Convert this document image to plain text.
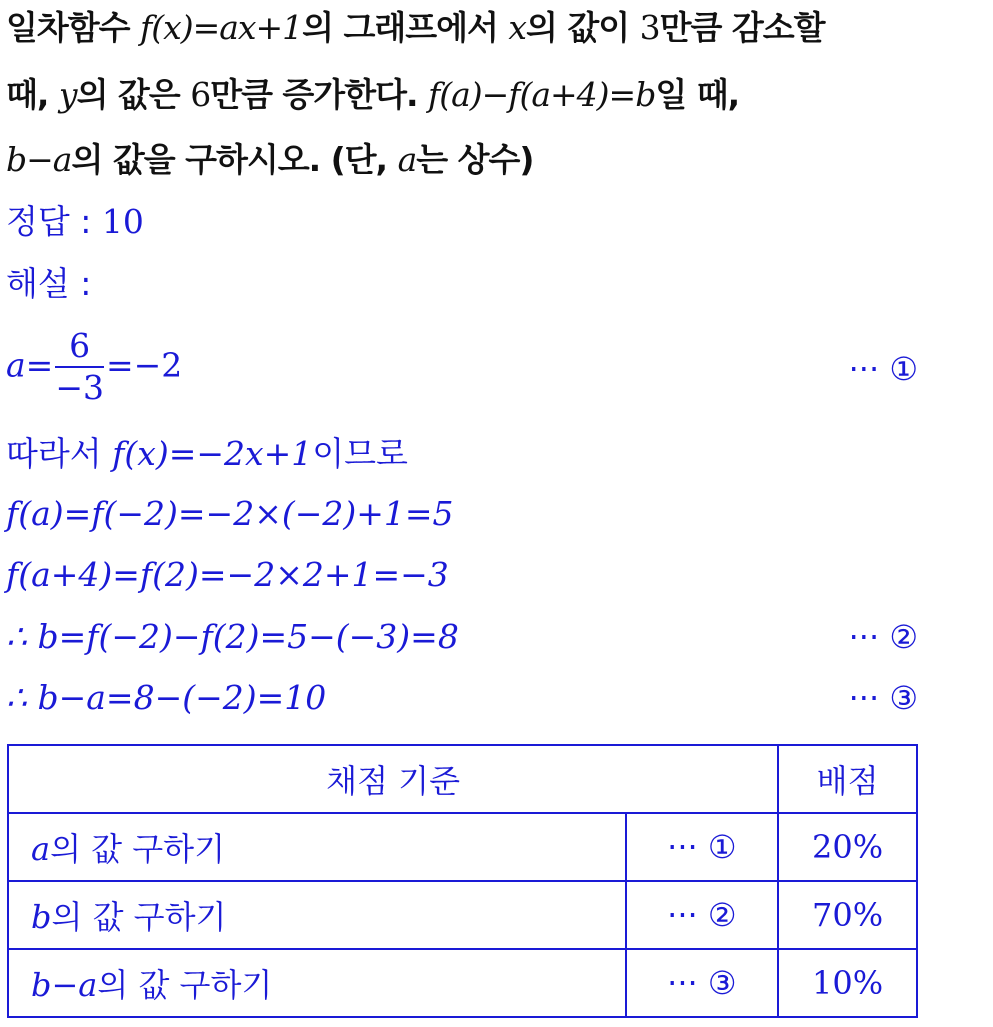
일차함수 f(x)=ax+1의 그래프에서 x의 값이 3만큼 감소할
때, y의 값은 6만큼 증가한다. f(a)−f(a+4)=b일 때,
b−a의 값을 구하시오. (단, a는 상수)
정답 : 10
해설 :
$a= \frac{6}{-3} =-2$	··· ①
따라서 f(x)=−2x+1이므로
f(a)=f(−2)=−2×(−2)+1=5
f(a+4)=f(2)=−2×2+1=−3
∴ b=f(−2)−f(2)=5−(−3)=8	··· ②
∴ b−a=8−(−2)=10	··· ③
채점 기준		배점
a의 값 구하기	··· ①	20%
b의 값 구하기	··· ②	70%
b−a의 값 구하기	··· ③	10%
